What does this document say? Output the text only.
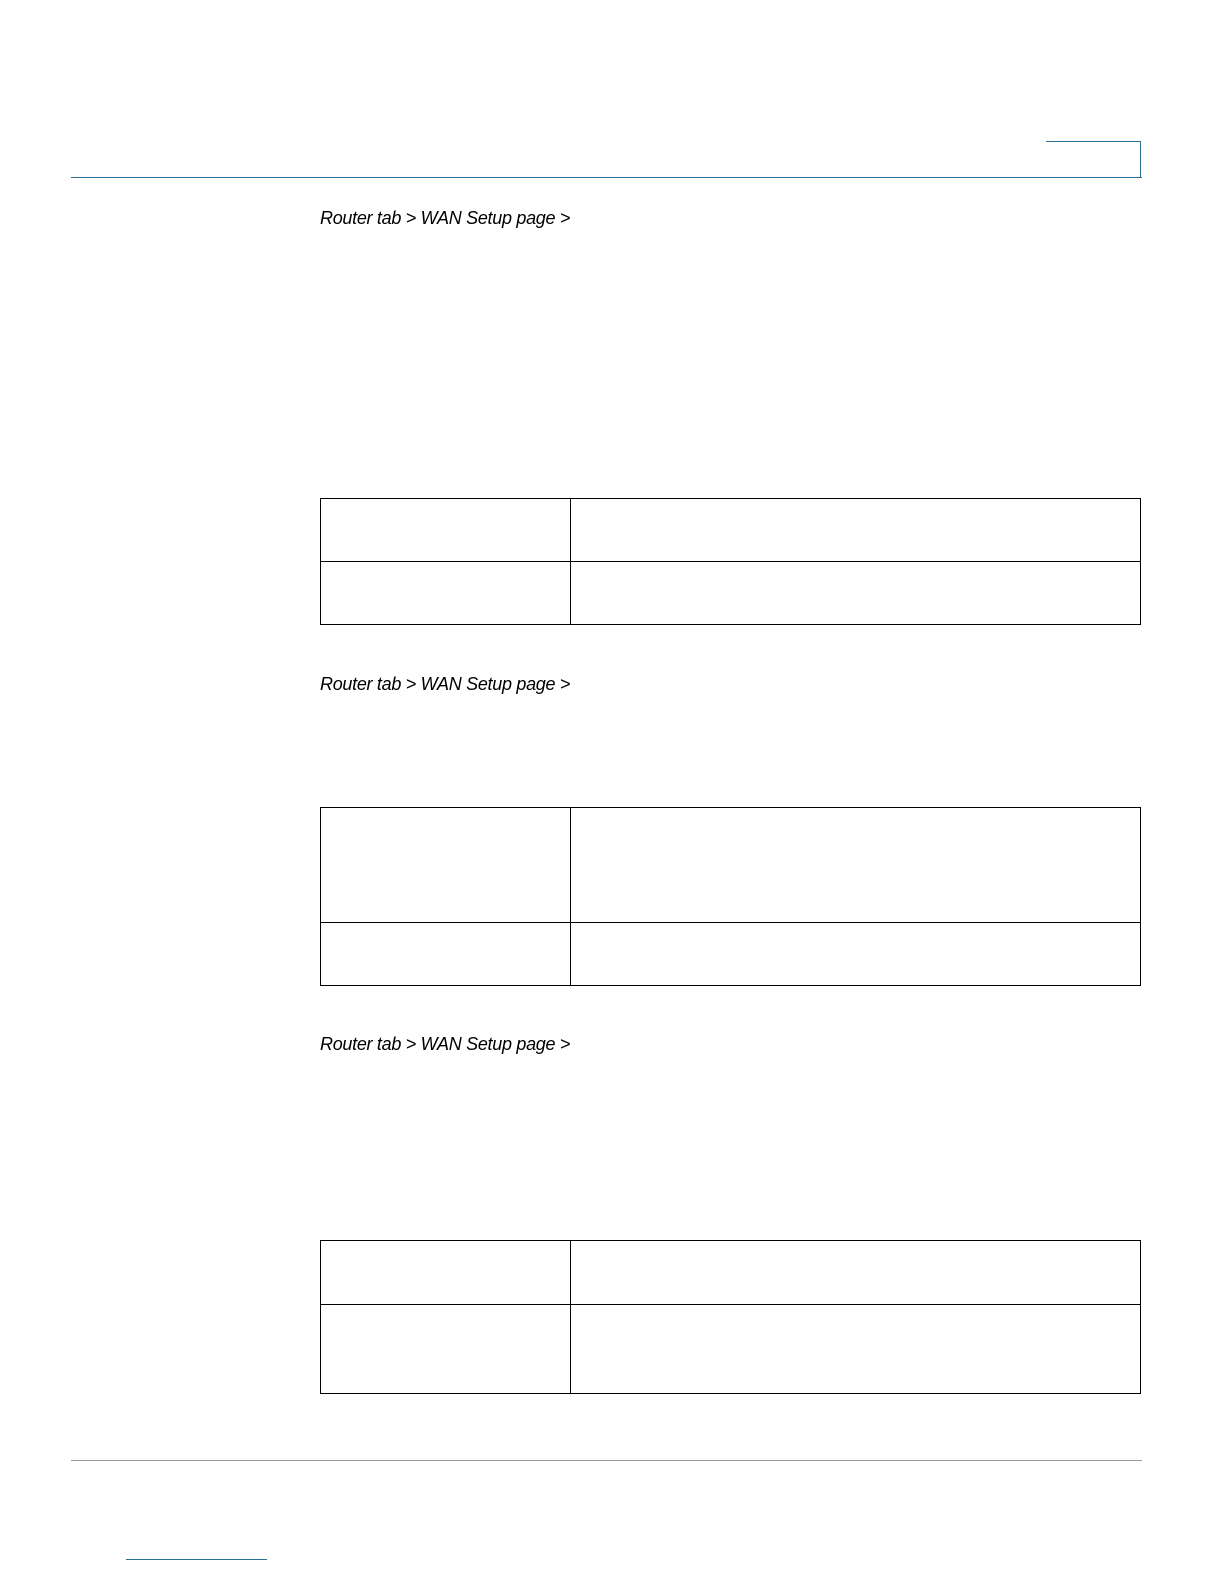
Router tab > WAN Setup page >

Router tab > WAN Setup page >

Router tab > WAN Setup page >
